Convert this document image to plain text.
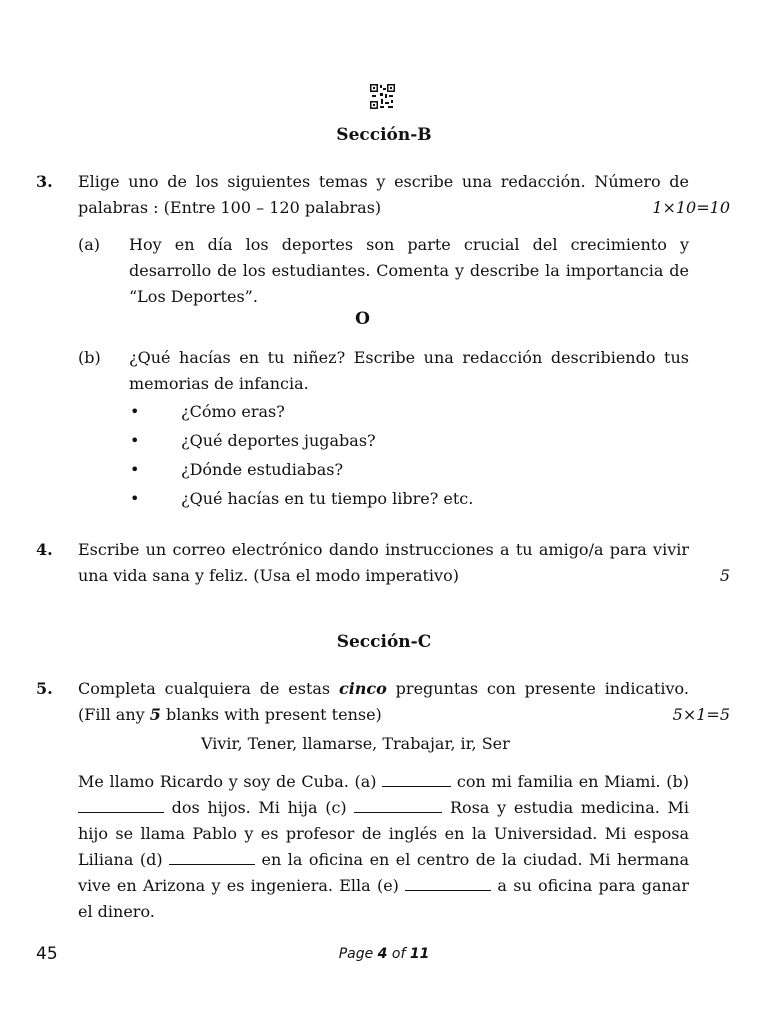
Sección-B
3. Elige uno de los siguientes temas y escribe una redacción. Número de
palabras : (Entre 100 – 120 palabras)	1×10=10
(a) Hoy en día los deportes son parte crucial del crecimiento y desarrollo de los estudiantes. Comenta y describe la importancia de “Los Deportes”.
O
(b) ¿Qué hacías en tu niñez? Escribe una redacción describiendo tus memorias de infancia.
•	¿Cómo eras?
•	¿Qué deportes jugabas?
•	¿Dónde estudiabas?
•	¿Qué hacías en tu tiempo libre? etc.
4. Escribe un correo electrónico dando instrucciones a tu amigo/a para vivir
una vida sana y feliz. (Usa el modo imperativo)	5
Sección-C
5. Completa cualquiera de estas cinco preguntas con presente indicativo.
(Fill any 5 blanks with present tense)	5×1=5
Vivir, Tener, llamarse, Trabajar, ir, Ser
Me llamo Ricardo y soy de Cuba. (a)	con mi familia en Miami. (b)  dos hijos. Mi hija (c)	Rosa y estudia medicina. Mi hijo se llama Pablo y es profesor de inglés en la Universidad. Mi esposa Liliana (d)	en la oficina en el centro de la ciudad. Mi hermana vive en Arizona y es ingeniera. Ella (e)	a su oficina para ganar el dinero.
45	Page 4 of 11
